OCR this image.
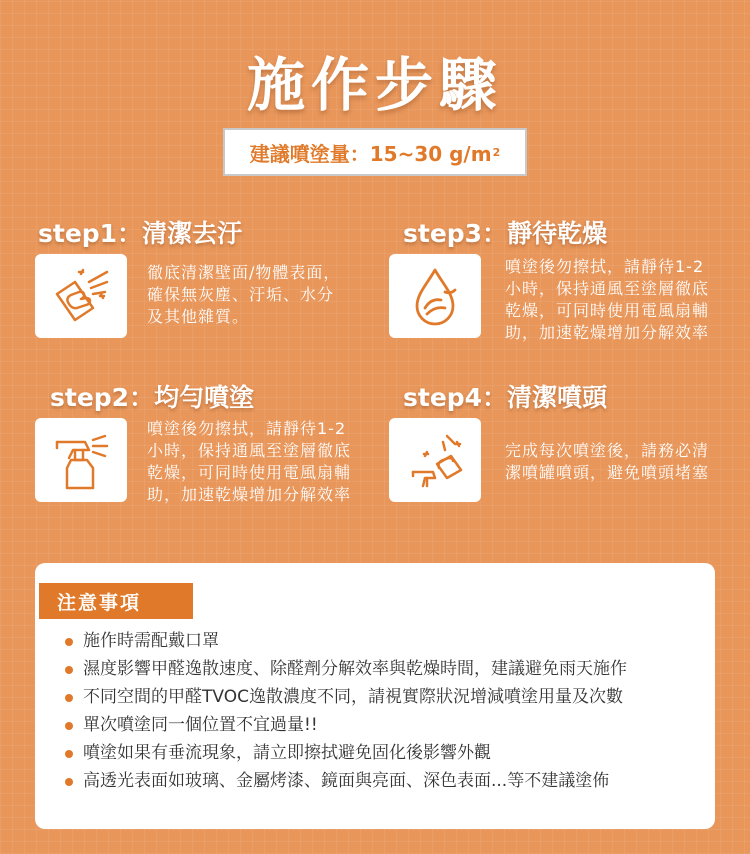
施作步驟
建議噴塗量：15~30 g/m 2
step1：清潔去汙
徹底清潔壁面/物體表面，
確保無灰塵、汙垢、水分
及其他雜質。
step3：靜待乾燥
噴塗後勿擦拭，請靜待1-2
小時，保持通風至塗層徹底
乾燥，可同時使用電風扇輔
助，加速乾燥增加分解效率
step2：均勻噴塗
噴塗後勿擦拭，請靜待1-2
小時，保持通風至塗層徹底
乾燥，可同時使用電風扇輔
助，加速乾燥增加分解效率
step4：清潔噴頭
完成每次噴塗後，請務必清
潔噴罐噴頭，避免噴頭堵塞
注意事項
施作時需配戴口罩
濕度影響甲醛逸散速度、除醛劑分解效率與乾燥時間，建議避免雨天施作
不同空間的甲醛TVOC逸散濃度不同，請視實際狀況增減噴塗用量及次數
單次噴塗同一個位置不宜過量!!
噴塗如果有垂流現象，請立即擦拭避免固化後影響外觀
高透光表面如玻璃、金屬烤漆、鏡面與亮面、深色表面...等不建議塗佈
